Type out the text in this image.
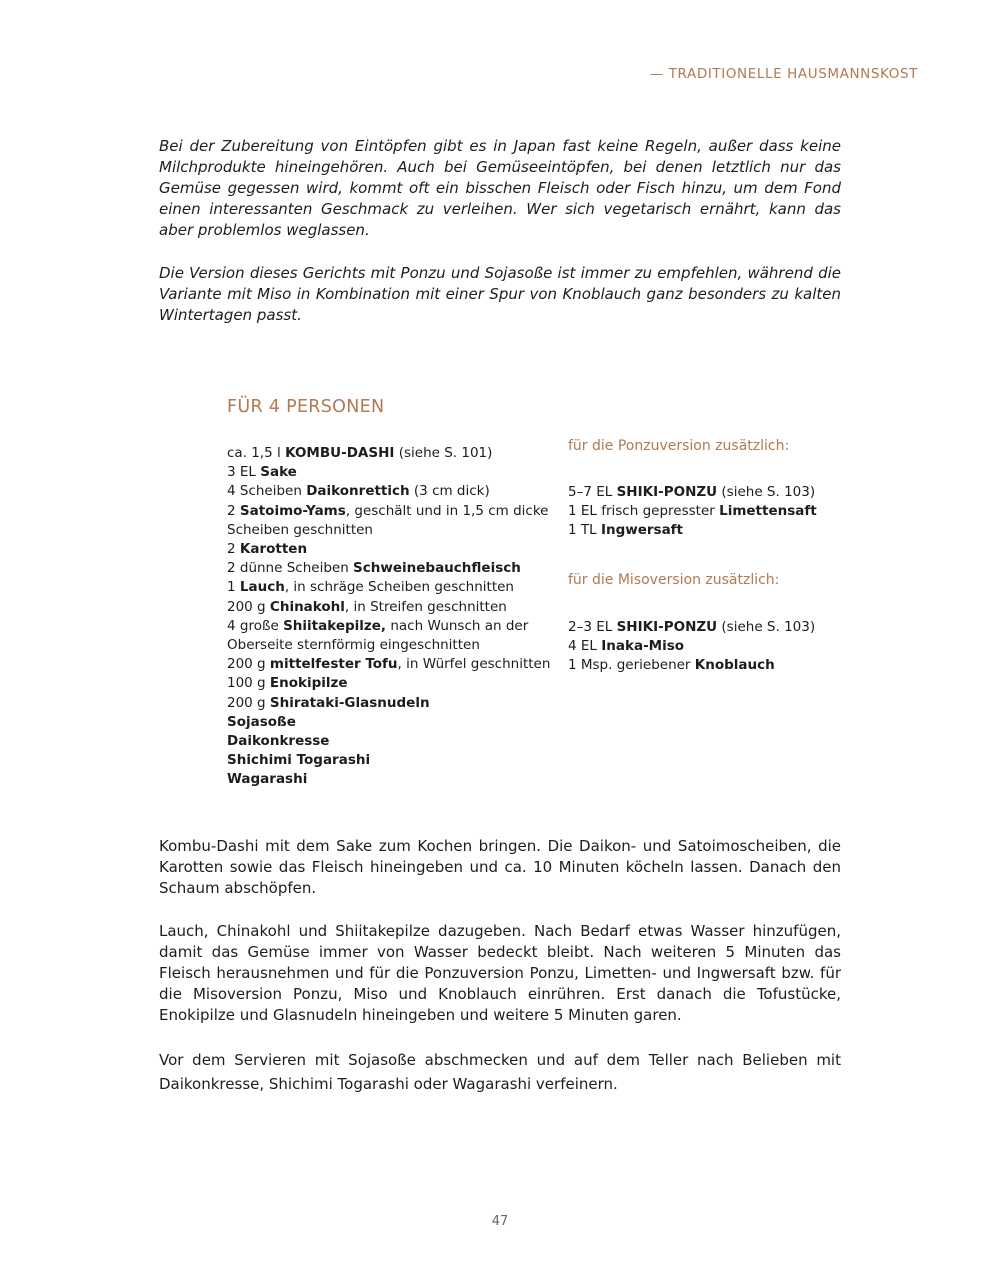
— TRADITIONELLE HAUSMANNSKOST

Bei der Zubereitung von Eintöpfen gibt es in Japan fast keine Regeln, außer dass keine Milchprodukte hineingehören. Auch bei Gemüseeintöpfen, bei denen letztlich nur das Gemüse gegessen wird, kommt oft ein bisschen Fleisch oder Fisch hinzu, um dem Fond einen interessanten Geschmack zu verleihen. Wer sich vegetarisch ernährt, kann das aber problemlos weglassen.

Die Version dieses Gerichts mit Ponzu und Sojasoße ist immer zu empfehlen, während die Variante mit Miso in Kombination mit einer Spur von Knoblauch ganz besonders zu kalten Wintertagen passt.

FÜR 4 PERSONEN
ca. 1,5 l KOMBU-DASHI (siehe S. 101)
3 EL Sake
4 Scheiben Daikonrettich (3 cm dick)
2 Satoimo-Yams, geschält und in 1,5 cm dicke Scheiben geschnitten
2 Karotten
2 dünne Scheiben Schweinebauchfleisch
1 Lauch, in schräge Scheiben geschnitten
200 g Chinakohl, in Streifen geschnitten
4 große Shiitakepilze, nach Wunsch an der Oberseite sternförmig eingeschnitten
200 g mittelfester Tofu, in Würfel geschnitten
100 g Enokipilze
200 g Shirataki-Glasnudeln
Sojasoße
Daikonkresse
Shichimi Togarashi
Wagarashi
für die Ponzuversion zusätzlich:
5–7 EL SHIKI-PONZU (siehe S. 103)
1 EL frisch gepresster Limettensaft
1 TL Ingwersaft
für die Misoversion zusätzlich:
2–3 EL SHIKI-PONZU (siehe S. 103)
4 EL Inaka-Miso
1 Msp. geriebener Knoblauch

Kombu-Dashi mit dem Sake zum Kochen bringen. Die Daikon- und Satoimoscheiben, die Karotten sowie das Fleisch hineingeben und ca. 10 Minuten köcheln lassen. Danach den Schaum abschöpfen.

Lauch, Chinakohl und Shiitakepilze dazugeben. Nach Bedarf etwas Wasser hinzufügen, damit das Gemüse immer von Wasser bedeckt bleibt. Nach weiteren 5 Minuten das Fleisch herausnehmen und für die Ponzuversion Ponzu, Limetten- und Ingwersaft bzw. für die Misoversion Ponzu, Miso und Knoblauch einrühren. Erst danach die Tofustücke, Enokipilze und Glasnudeln hineingeben und weitere 5 Minuten garen.

Vor dem Servieren mit Sojasoße abschmecken und auf dem Teller nach Belieben mit Daikonkresse, Shichimi Togarashi oder Wagarashi verfeinern.

47
